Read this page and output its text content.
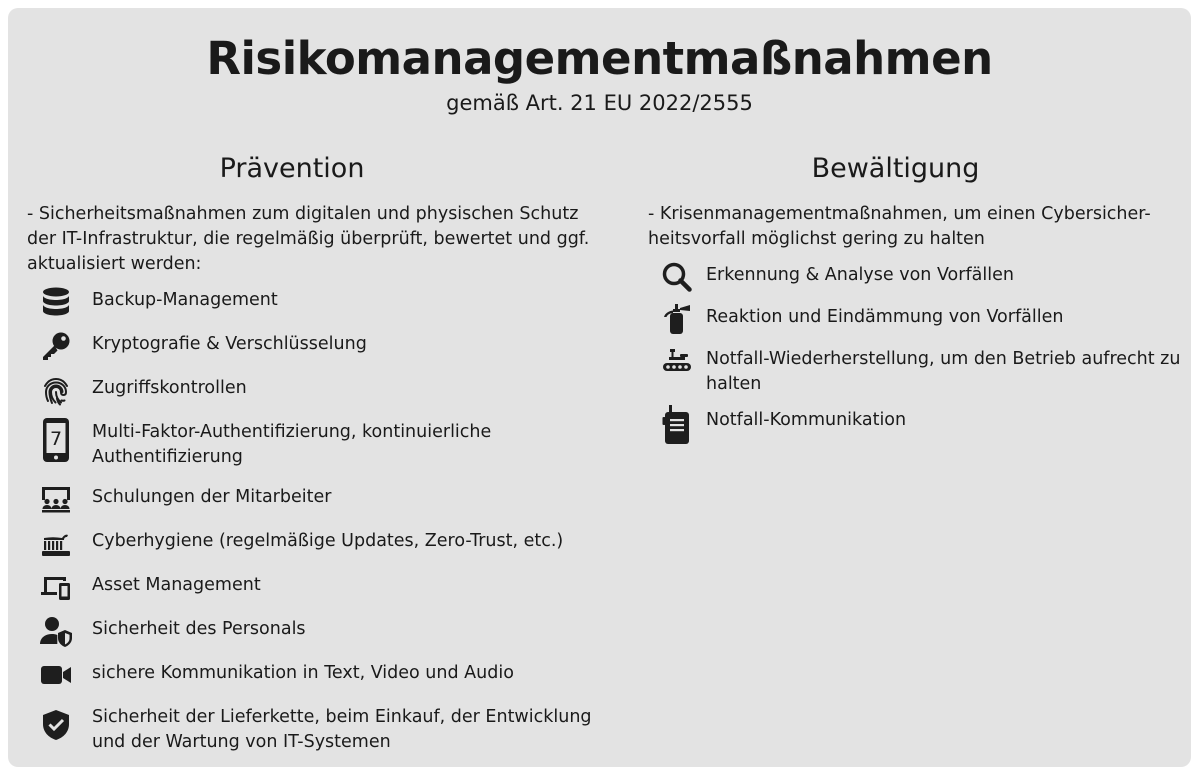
Risikomanagementmaßnahmen
gemäß Art. 21 EU 2022/2555
Prävention
- Sicherheitsmaßnahmen zum digitalen und physischen Schutz der IT-Infrastruktur, die regelmäßig überprüft, bewertet und ggf. aktualisiert werden:
Backup-Management
Kryptografie & Verschlüsselung
Zugriffskontrollen
7 Multi-Faktor-Authentifizierung, kontinuierliche Authentifizierung
Schulungen der Mitarbeiter
Cyberhygiene (regelmäßige Updates, Zero-Trust, etc.)
Asset Management
Sicherheit des Personals
sichere Kommunikation in Text, Video und Audio
Sicherheit der Lieferkette, beim Einkauf, der Entwicklung und der Wartung von IT-Systemen
Bewältigung
- Krisenmanagementmaßnahmen, um einen Cybersicher- heitsvorfall möglichst gering zu halten
Erkennung & Analyse von Vorfällen
Reaktion und Eindämmung von Vorfällen
Notfall-Wiederherstellung, um den Betrieb aufrecht zu halten
Notfall-Kommunikation
